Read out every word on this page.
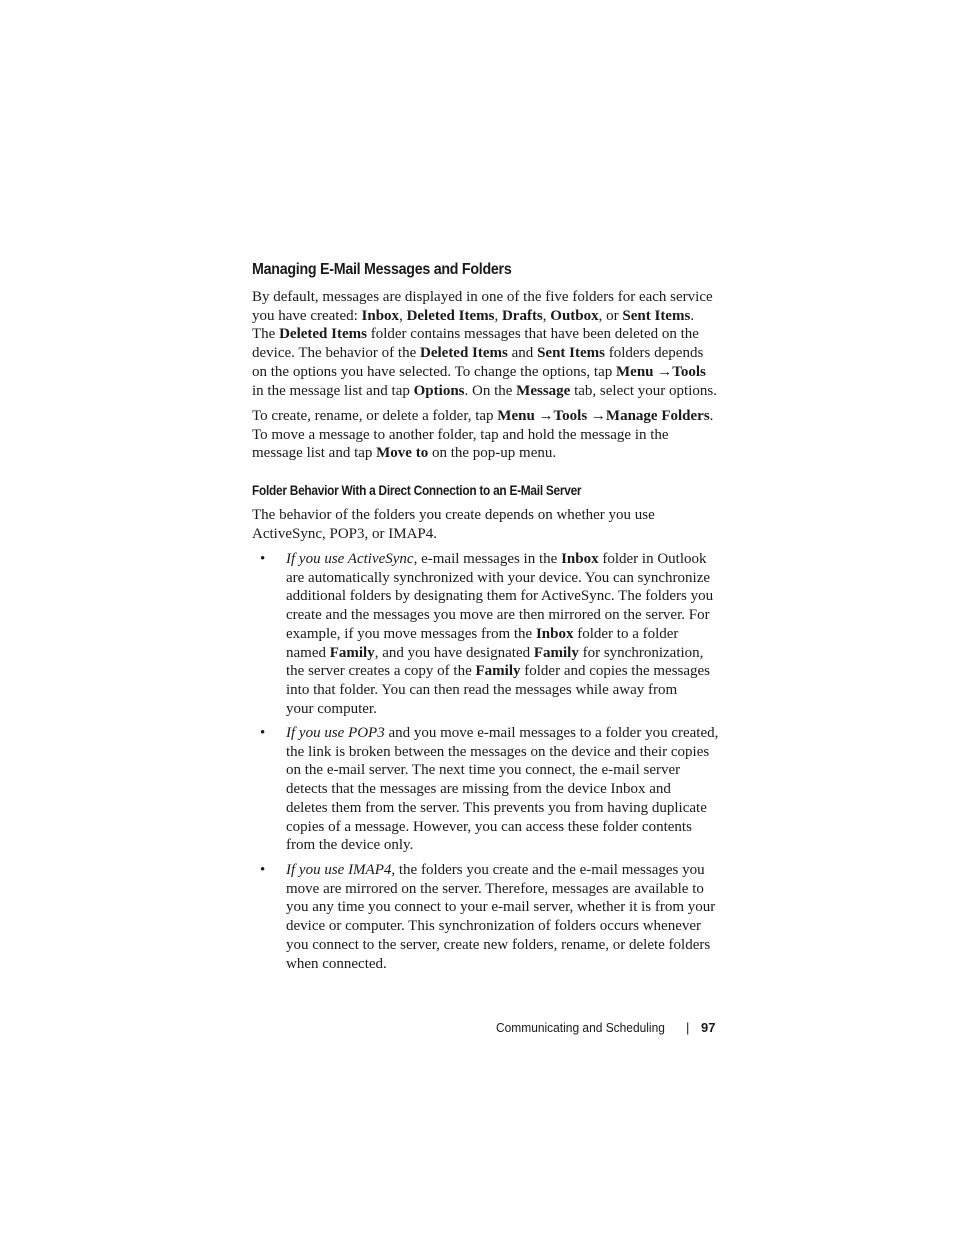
Managing E-Mail Messages and Folders

By default, messages are displayed in one of the five folders for each service
you have created: Inbox, Deleted Items, Drafts, Outbox, or Sent Items.
The Deleted Items folder contains messages that have been deleted on the
device. The behavior of the Deleted Items and Sent Items folders depends
on the options you have selected. To change the options, tap Menu →Tools
in the message list and tap Options. On the Message tab, select your options.

To create, rename, or delete a folder, tap Menu →Tools →Manage Folders.
To move a message to another folder, tap and hold the message in the
message list and tap Move to on the pop-up menu.

Folder Behavior With a Direct Connection to an E-Mail Server

The behavior of the folders you create depends on whether you use
ActiveSync, POP3, or IMAP4.

• If you use ActiveSync, e-mail messages in the Inbox folder in Outlook
are automatically synchronized with your device. You can synchronize
additional folders by designating them for ActiveSync. The folders you
create and the messages you move are then mirrored on the server. For
example, if you move messages from the Inbox folder to a folder
named Family, and you have designated Family for synchronization,
the server creates a copy of the Family folder and copies the messages
into that folder. You can then read the messages while away from
your computer.

• If you use POP3 and you move e-mail messages to a folder you created,
the link is broken between the messages on the device and their copies
on the e-mail server. The next time you connect, the e-mail server
detects that the messages are missing from the device Inbox and
deletes them from the server. This prevents you from having duplicate
copies of a message. However, you can access these folder contents
from the device only.

• If you use IMAP4, the folders you create and the e-mail messages you
move are mirrored on the server. Therefore, messages are available to
you any time you connect to your e-mail server, whether it is from your
device or computer. This synchronization of folders occurs whenever
you connect to the server, create new folders, rename, or delete folders
when connected.

Communicating and Scheduling | 97
